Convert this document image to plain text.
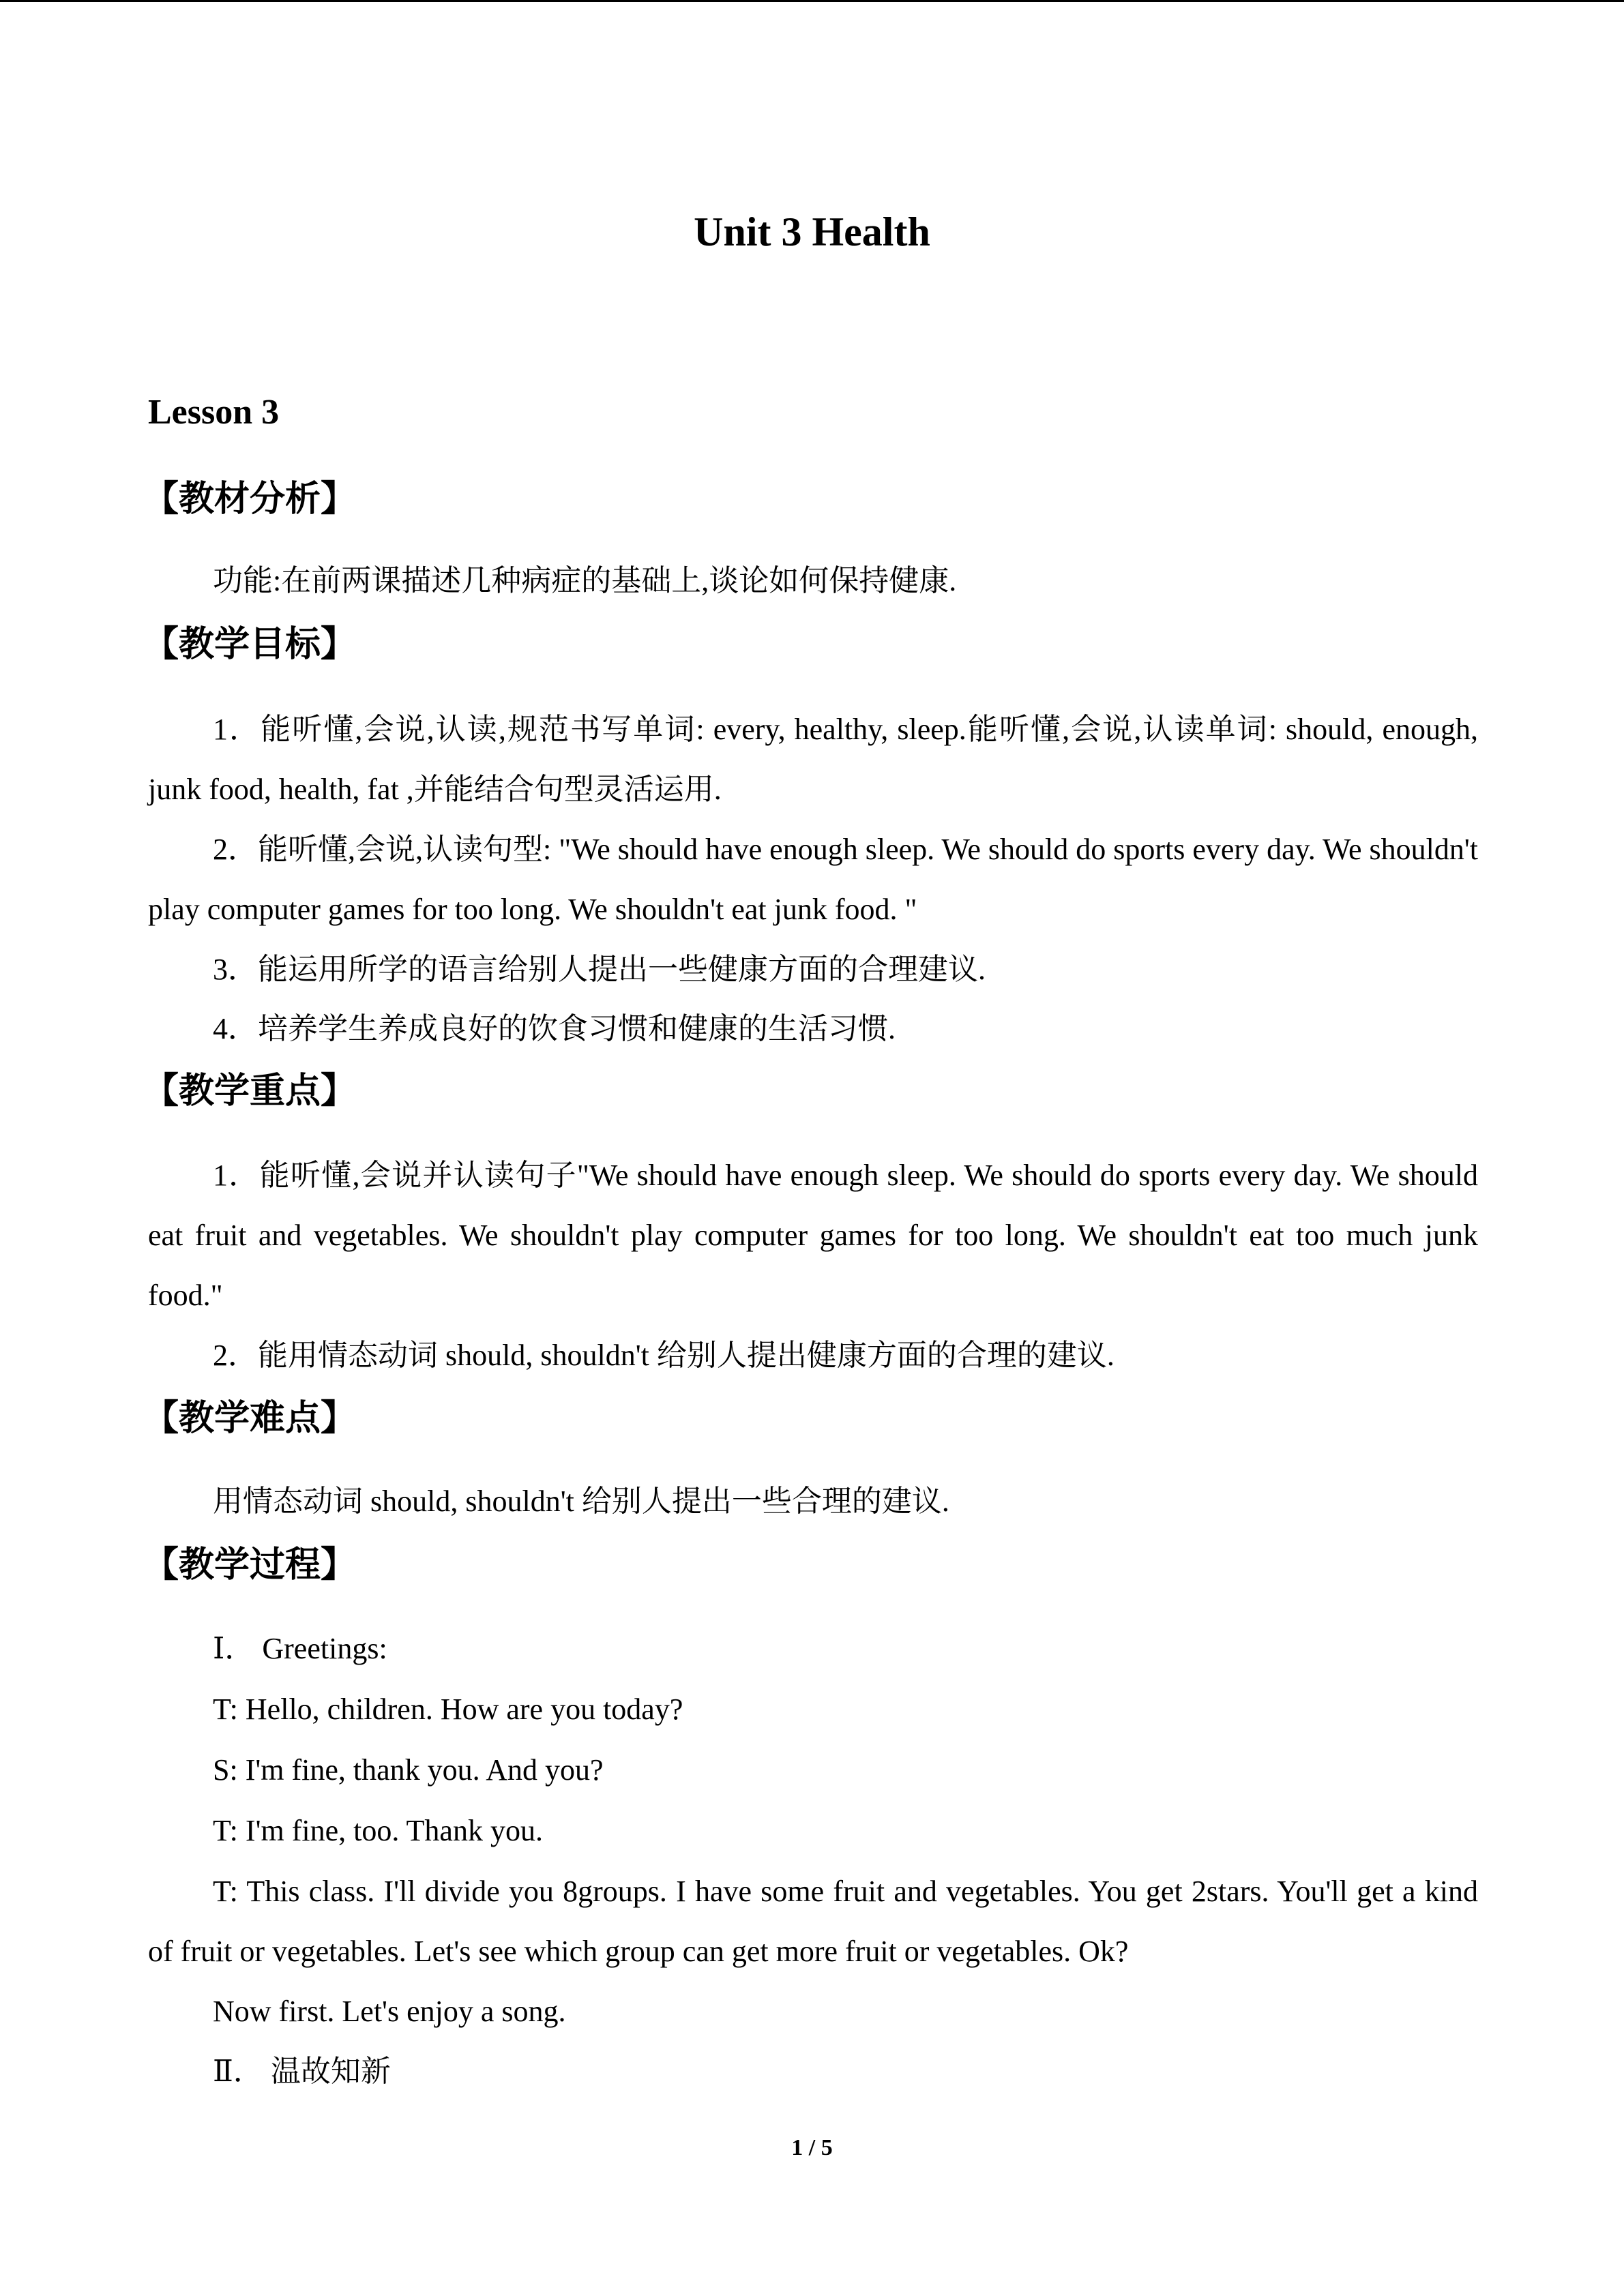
Unit 3 Health
Lesson 3
【教材分析】
功能:在前两课描述几种病症的基础上,谈论如何保持健康.
【教学目标】
1．能听懂,会说,认读,规范书写单词: every, healthy, sleep.能听懂,会说,认读单词: should, enough, junk food, health, fat ,并能结合句型灵活运用.
2．能听懂,会说,认读句型: "We should have enough sleep. We should do sports every day. We shouldn't play computer games for too long. We shouldn't eat junk food. "
3．能运用所学的语言给别人提出一些健康方面的合理建议.
4．培养学生养成良好的饮食习惯和健康的生活习惯.
【教学重点】
1．能听懂,会说并认读句子"We should have enough sleep. We should do sports every day. We should eat fruit and vegetables. We shouldn't play computer games for too long. We shouldn't eat too much junk food."
2．能用情态动词 should, shouldn't 给别人提出健康方面的合理的建议.
【教学难点】
用情态动词 should, shouldn't 给别人提出一些合理的建议.
【教学过程】
Ⅰ． Greetings:
T: Hello, children. How are you today?
S: I'm fine, thank you. And you?
T: I'm fine, too. Thank you.
T: This class. I'll divide you 8groups. I have some fruit and vegetables. You get 2stars. You'll get a kind of fruit or vegetables. Let's see which group can get more fruit or vegetables. Ok?
Now first. Let's enjoy a song.
Ⅱ． 温故知新
1 / 5
